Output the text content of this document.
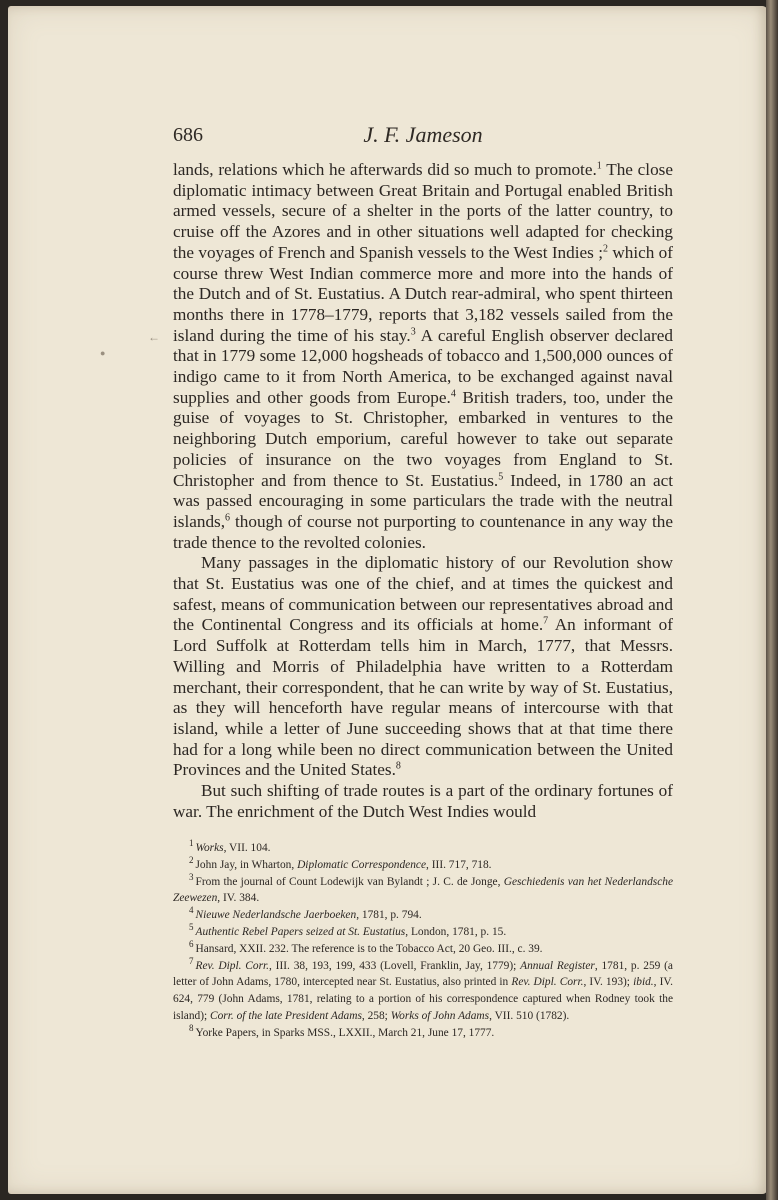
686	J. F. Jameson

lands, relations which he afterwards did so much to promote.$^1$ The close diplomatic intimacy between Great Britain and Portugal enabled British armed vessels, secure of a shelter in the ports of the latter country, to cruise off the Azores and in other situations well adapted for checking the voyages of French and Spanish vessels to the West Indies ;$^2$ which of course threw West Indian commerce more and more into the hands of the Dutch and of St. Eustatius. A Dutch rear-admiral, who spent thirteen months there in 1778–1779, reports that 3,182 vessels sailed from the island during the time of his stay.$^3$ A careful English observer declared that in 1779 some 12,000 hogsheads of tobacco and 1,500,000 ounces of indigo came to it from North America, to be exchanged against naval supplies and other goods from Europe.$^4$ British traders, too, under the guise of voyages to St. Christopher, embarked in ventures to the neighboring Dutch emporium, careful however to take out separate policies of insurance on the two voyages from England to St. Christopher and from thence to St. Eustatius.$^5$ Indeed, in 1780 an act was passed encouraging in some particulars the trade with the neutral islands,$^6$ though of course not purporting to countenance in any way the trade thence to the revolted colonies.

Many passages in the diplomatic history of our Revolution show that St. Eustatius was one of the chief, and at times the quickest and safest, means of communication between our representatives abroad and the Continental Congress and its officials at home.$^7$ An informant of Lord Suffolk at Rotterdam tells him in March, 1777, that Messrs. Willing and Morris of Philadelphia have written to a Rotterdam merchant, their correspondent, that he can write by way of St. Eustatius, as they will henceforth have regular means of intercourse with that island, while a letter of June succeeding shows that at that time there had for a long while been no direct communication between the United Provinces and the United States.$^8$

But such shifting of trade routes is a part of the ordinary fortunes of war. The enrichment of the Dutch West Indies would

$^1$ Works, VII. 104.

$^2$ John Jay, in Wharton, Diplomatic Correspondence, III. 717, 718.

$^3$ From the journal of Count Lodewijk van Bylandt ; J. C. de Jonge, Geschiedenis van het Nederlandsche Zeewezen, IV. 384.

$^4$ Nieuwe Nederlandsche Jaerboeken, 1781, p. 794.

$^5$ Authentic Rebel Papers seized at St. Eustatius, London, 1781, p. 15.

$^6$ Hansard, XXII. 232. The reference is to the Tobacco Act, 20 Geo. III., c. 39.

$^7$ Rev. Dipl. Corr., III. 38, 193, 199, 433 (Lovell, Franklin, Jay, 1779); Annual Register, 1781, p. 259 (a letter of John Adams, 1780, intercepted near St. Eustatius, also printed in Rev. Dipl. Corr., IV. 193); ibid., IV. 624, 779 (John Adams, 1781, relating to a portion of his correspondence captured when Rodney took the island); Corr. of the late President Adams, 258; Works of John Adams, VII. 510 (1782).

$^8$ Yorke Papers, in Sparks MSS., LXXII., March 21, June 17, 1777.

←
●
